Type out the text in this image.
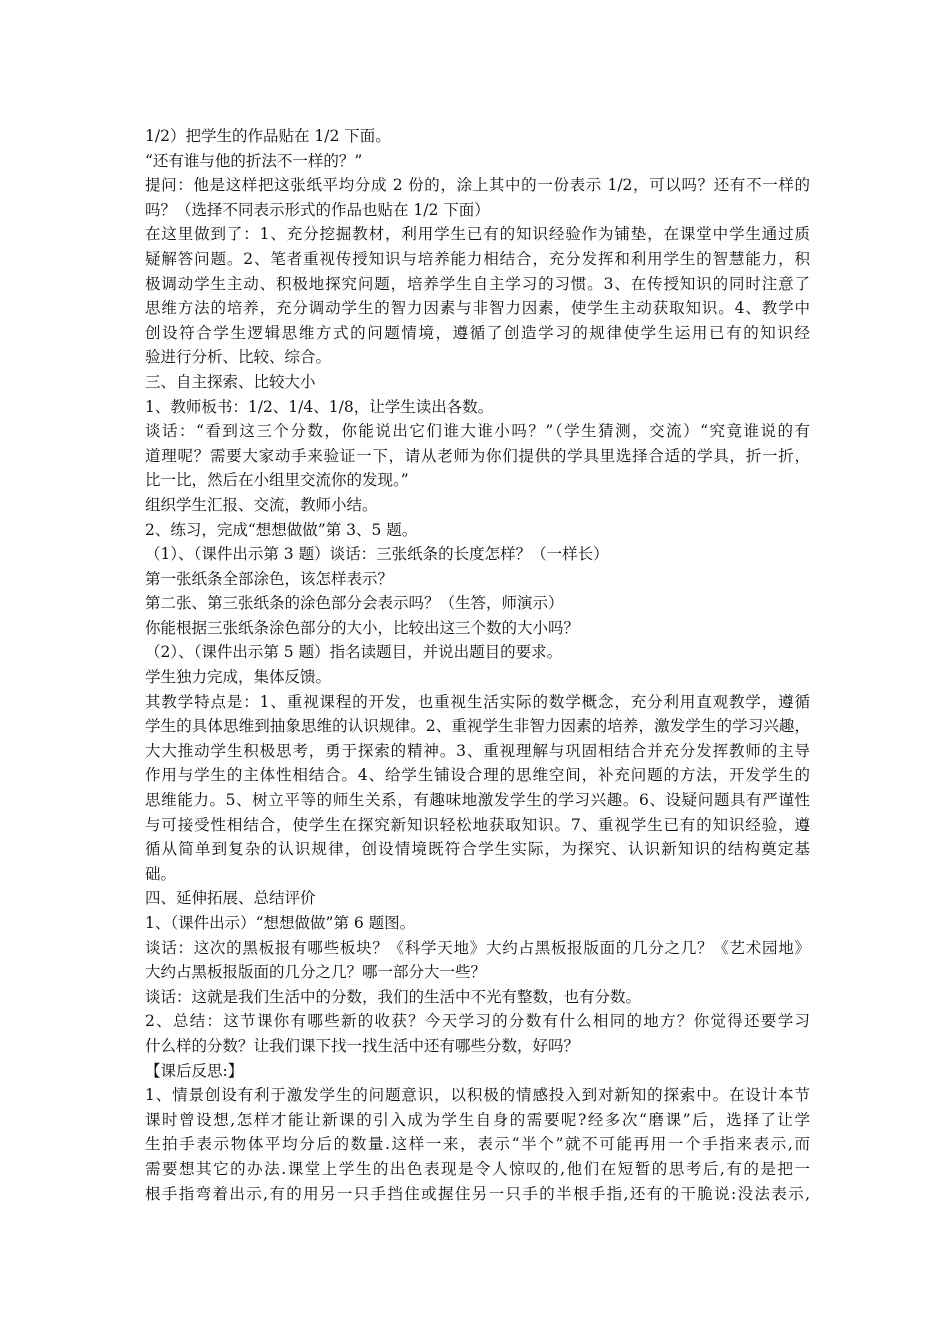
1/2）把学生的作品贴在 1/2 下面。
“还有谁与他的折法不一样的？”
提问：他是这样把这张纸平均分成 2 份的，涂上其中的一份表示 1/2，可以吗？还有不一样的
吗？（选择不同表示形式的作品也贴在 1/2 下面）
在这里做到了：1、充分挖掘教材，利用学生已有的知识经验作为铺垫，在课堂中学生通过质
疑解答问题。2、笔者重视传授知识与培养能力相结合，充分发挥和利用学生的智慧能力，积
极调动学生主动、积极地探究问题，培养学生自主学习的习惯。3、在传授知识的同时注意了
思维方法的培养，充分调动学生的智力因素与非智力因素，使学生主动获取知识。4、教学中
创设符合学生逻辑思维方式的问题情境，遵循了创造学习的规律使学生运用已有的知识经
验进行分析、比较、综合。
三、自主探索、比较大小
1、教师板书：1/2、1/4、1/8，让学生读出各数。
谈话：“看到这三个分数，你能说出它们谁大谁小吗？”（学生猜测，交流）“究竟谁说的有
道理呢？需要大家动手来验证一下，请从老师为你们提供的学具里选择合适的学具，折一折，
比一比，然后在小组里交流你的发现。”
组织学生汇报、交流，教师小结。
2、练习，完成“想想做做”第 3、5 题。
（1）、（课件出示第 3 题）谈话：三张纸条的长度怎样？（一样长）
第一张纸条全部涂色，该怎样表示？
第二张、第三张纸条的涂色部分会表示吗？（生答，师演示）
你能根据三张纸条涂色部分的大小，比较出这三个数的大小吗？
（2）、（课件出示第 5 题）指名读题目，并说出题目的要求。
学生独力完成，集体反馈。
其教学特点是：1、重视课程的开发，也重视生活实际的数学概念，充分利用直观教学，遵循
学生的具体思维到抽象思维的认识规律。2、重视学生非智力因素的培养，激发学生的学习兴趣，
大大推动学生积极思考，勇于探索的精神。3、重视理解与巩固相结合并充分发挥教师的主导
作用与学生的主体性相结合。4、给学生铺设合理的思维空间，补充问题的方法，开发学生的
思维能力。5、树立平等的师生关系，有趣味地激发学生的学习兴趣。6、设疑问题具有严谨性
与可接受性相结合，使学生在探究新知识轻松地获取知识。7、重视学生已有的知识经验，遵
循从简单到复杂的认识规律，创设情境既符合学生实际，为探究、认识新知识的结构奠定基
础。
四、延伸拓展、总结评价
1、（课件出示）“想想做做”第 6 题图。
谈话：这次的黑板报有哪些板块？《科学天地》大约占黑板报版面的几分之几？《艺术园地》
大约占黑板报版面的几分之几？哪一部分大一些？
谈话：这就是我们生活中的分数，我们的生活中不光有整数，也有分数。
2、总结：这节课你有哪些新的收获？今天学习的分数有什么相同的地方？你觉得还要学习
什么样的分数？让我们课下找一找生活中还有哪些分数，好吗？
【课后反思:】
1、情景创设有利于激发学生的问题意识，以积极的情感投入到对新知的探索中。在设计本节
课时曾设想,怎样才能让新课的引入成为学生自身的需要呢?经多次“磨课”后，选择了让学
生拍手表示物体平均分后的数量.这样一来，表示“半个”就不可能再用一个手指来表示,而
需要想其它的办法.课堂上学生的出色表现是令人惊叹的,他们在短暂的思考后,有的是把一
根手指弯着出示,有的用另一只手挡住或握住另一只手的半根手指,还有的干脆说:没法表示,
